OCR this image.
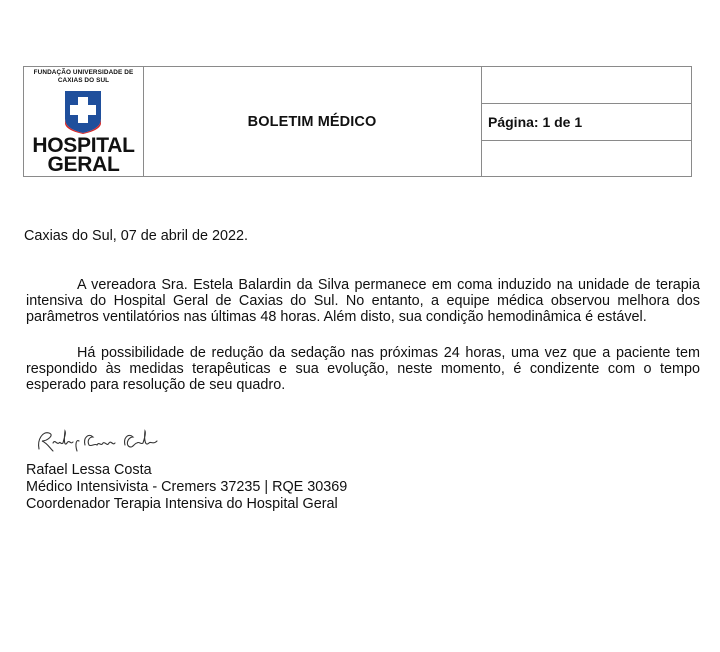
FUNDAÇÃO UNIVERSIDADE DE CAXIAS DO SUL
HOSPITAL
GERAL
BOLETIM MÉDICO	Página: 1 de 1
Caxias do Sul, 07 de abril de 2022.
A vereadora Sra. Estela Balardin da Silva permanece em coma induzido na unidade de terapia intensiva do Hospital Geral de Caxias do Sul. No entanto, a equipe médica observou melhora dos parâmetros ventilatórios nas últimas 48 horas. Além disto, sua condição hemodinâmica é estável.
Há possibilidade de redução da sedação nas próximas 24 horas, uma vez que a paciente tem respondido às medidas terapêuticas e sua evolução, neste momento, é condizente com o tempo esperado para resolução de seu quadro.
Rafael Lessa Costa
Rafael Lessa Costa
Médico Intensivista - Cremers 37235 | RQE 30369
Coordenador Terapia Intensiva do Hospital Geral
